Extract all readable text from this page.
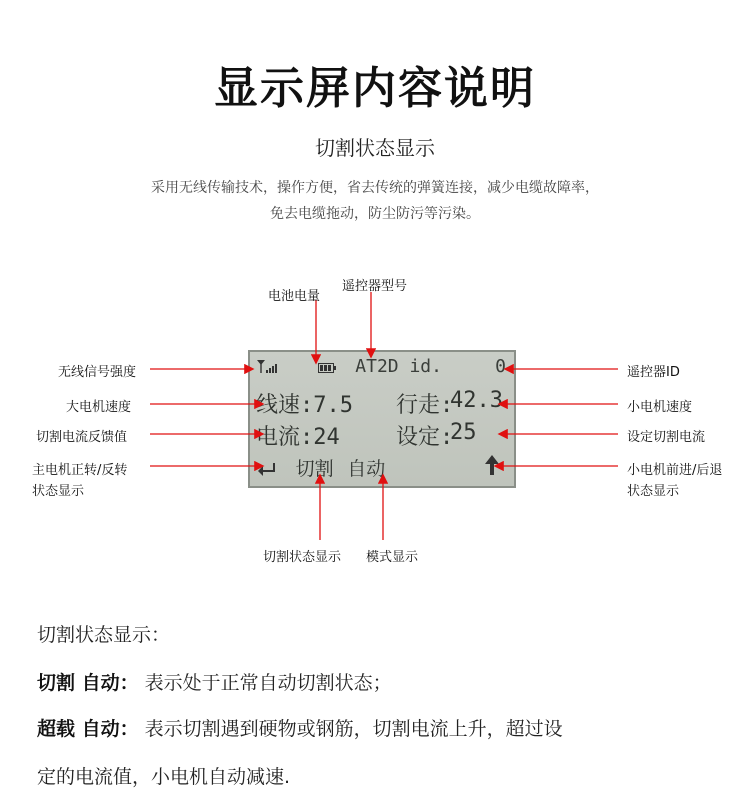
显示屏内容说明
切割状态显示
采用无线传输技术，操作方便，省去传统的弹簧连接，减少电缆故障率，
免去电缆拖动，防尘防污等污染。
AT2D id.	0
线速:7.5 行走:
42.3
电流:24	设定:
25
切割 自动
电池电量
遥控器型号
无线信号强度
大电机速度
切割电流反馈值
主电机正转/反转
状态显示
遥控器ID
小电机速度
设定切割电流
小电机前进/后退
状态显示
切割状态显示 模式显示
切割状态显示：
切割 自动： 表示处于正常自动切割状态；
超载 自动： 表示切割遇到硬物或钢筋，切割电流上升，超过设
定的电流值，小电机自动减速.
